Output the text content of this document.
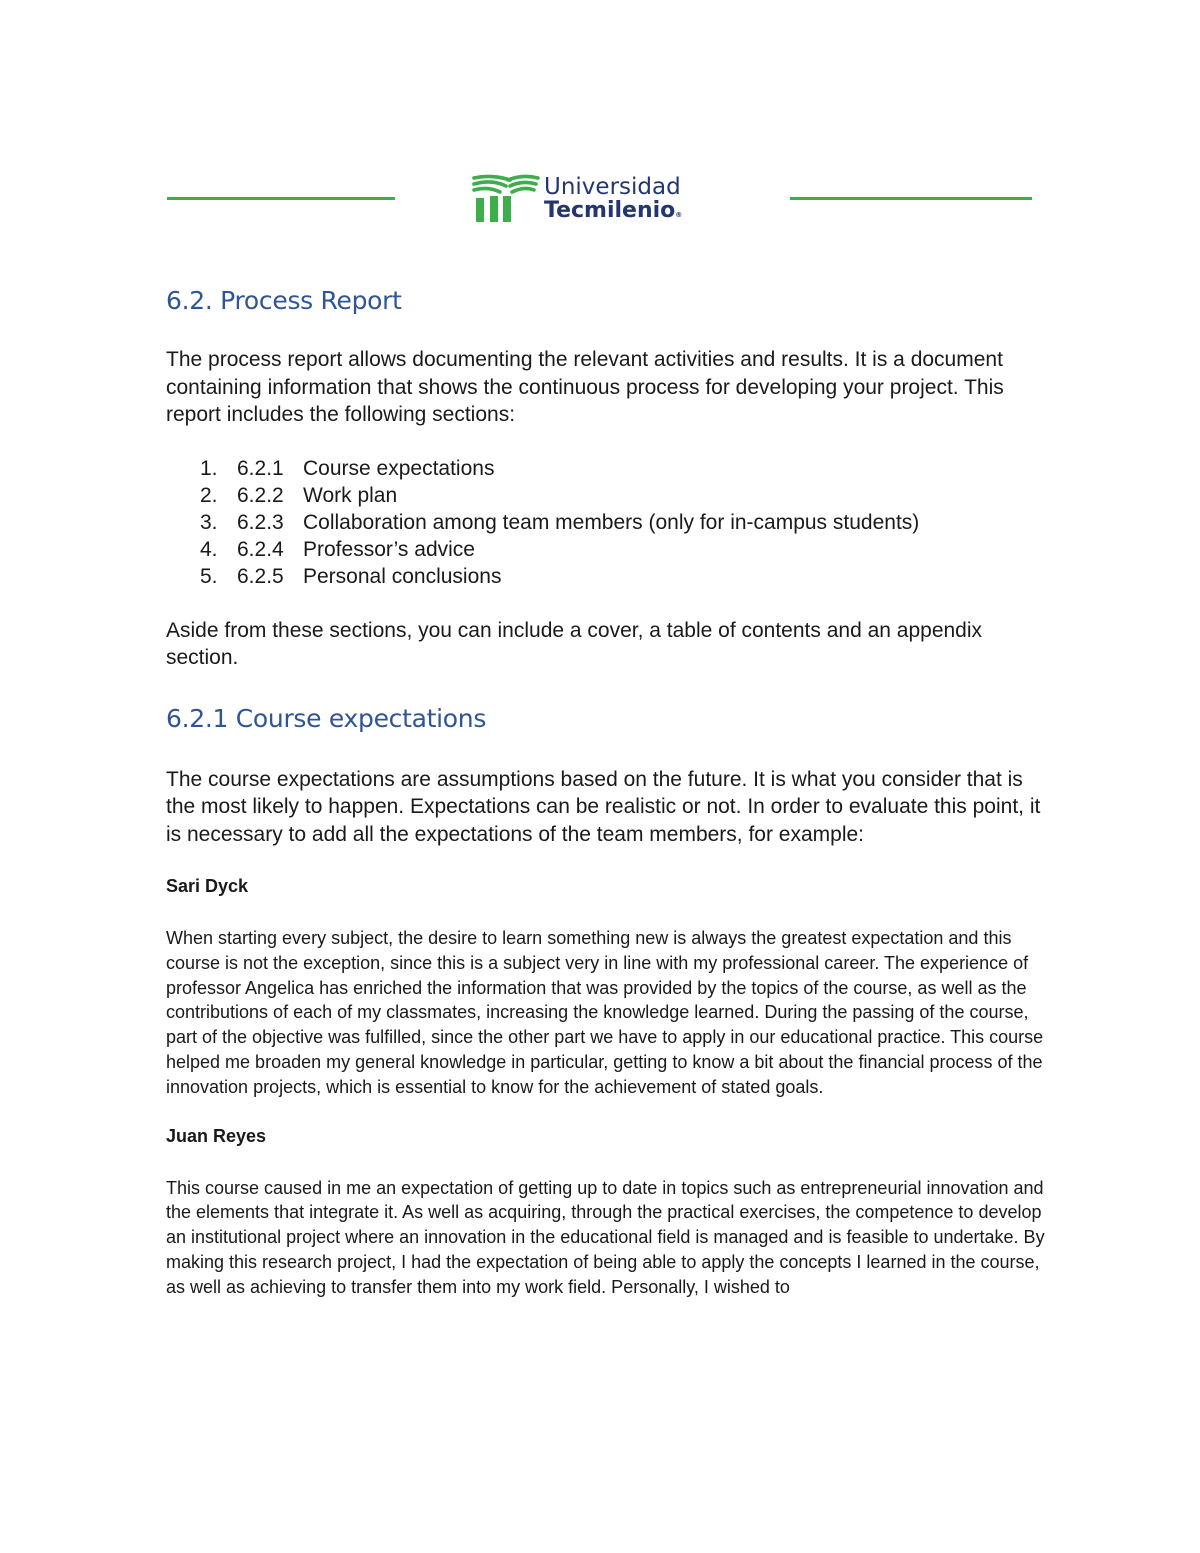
Universidad
Tecmilenio®
6.2. Process Report

The process report allows documenting the relevant activities and results. It is a document containing information that shows the continuous process for developing your project. This report includes the following sections:

1. 6.2.1 Course expectations
2. 6.2.2 Work plan
3. 6.2.3 Collaboration among team members (only for in-campus students)
4. 6.2.4 Professor’s advice
5. 6.2.5 Personal conclusions

Aside from these sections, you can include a cover, a table of contents and an appendix section.

6.2.1 Course expectations

The course expectations are assumptions based on the future. It is what you consider that is the most likely to happen. Expectations can be realistic or not. In order to evaluate this point, it is necessary to add all the expectations of the team members, for example:

Sari Dyck

When starting every subject, the desire to learn something new is always the greatest expectation and this course is not the exception, since this is a subject very in line with my professional career. The experience of professor Angelica has enriched the information that was provided by the topics of the course, as well as the contributions of each of my classmates, increasing the knowledge learned. During the passing of the course, part of the objective was fulfilled, since the other part we have to apply in our educational practice. This course helped me broaden my general knowledge in particular, getting to know a bit about the financial process of the innovation projects, which is essential to know for the achievement of stated goals.

Juan Reyes

This course caused in me an expectation of getting up to date in topics such as entrepreneurial innovation and the elements that integrate it. As well as acquiring, through the practical exercises, the competence to develop an institutional project where an innovation in the educational field is managed and is feasible to undertake. By making this research project, I had the expectation of being able to apply the concepts I learned in the course, as well as achieving to transfer them into my work field. Personally, I wished to
